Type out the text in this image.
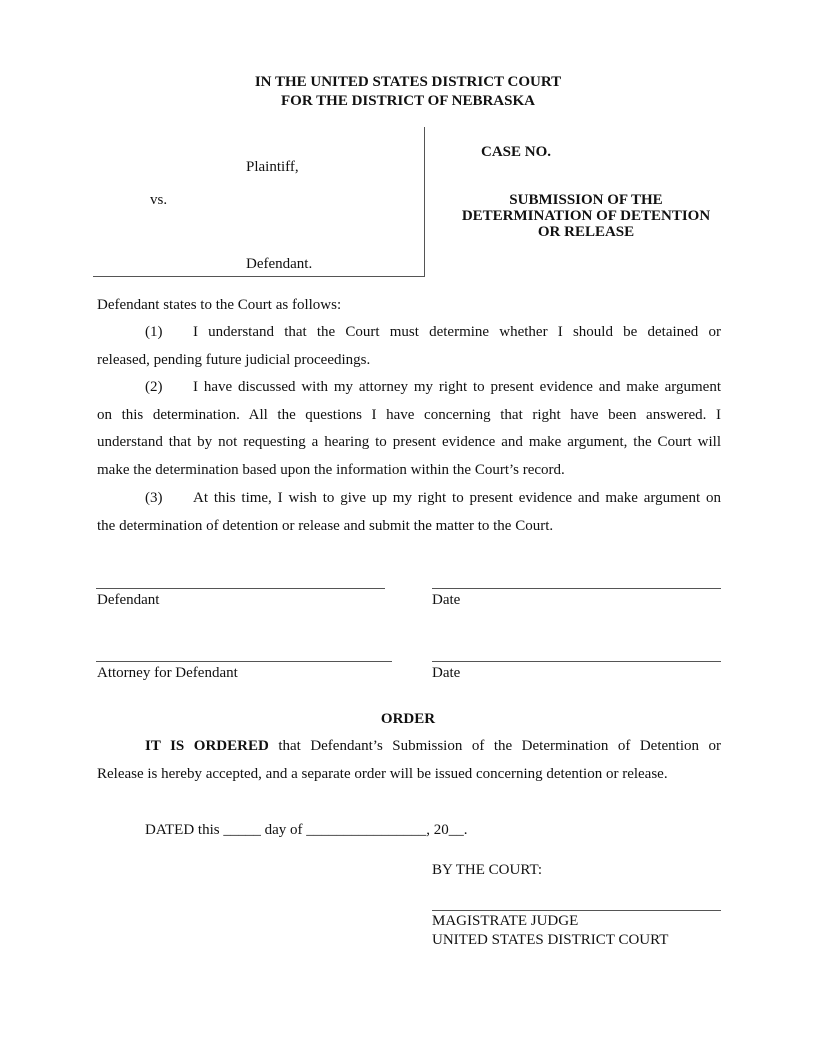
IN THE UNITED STATES DISTRICT COURT
FOR THE DISTRICT OF NEBRASKA
Plaintiff,
vs.
Defendant.
CASE NO.
SUBMISSION OF THE
DETERMINATION OF DETENTION
OR RELEASE
Defendant states to the Court as follows:
(1) I understand that the Court must determine whether I should be detained or
released, pending future judicial proceedings.
(2) I have discussed with my attorney my right to present evidence and make argument
on this determination. All the questions I have concerning that right have been answered. I
understand that by not requesting a hearing to present evidence and make argument, the Court will
make the determination based upon the information within the Court’s record.
(3) At this time, I wish to give up my right to present evidence and make argument on
the determination of detention or release and submit the matter to the Court.
Defendant	Date
Attorney for Defendant	Date
ORDER
IT IS ORDERED that Defendant’s Submission of the Determination of Detention or
Release is hereby accepted, and a separate order will be issued concerning detention or release.
DATED this _____ day of ________________, 20__.
BY THE COURT:
MAGISTRATE JUDGE
UNITED STATES DISTRICT COURT
